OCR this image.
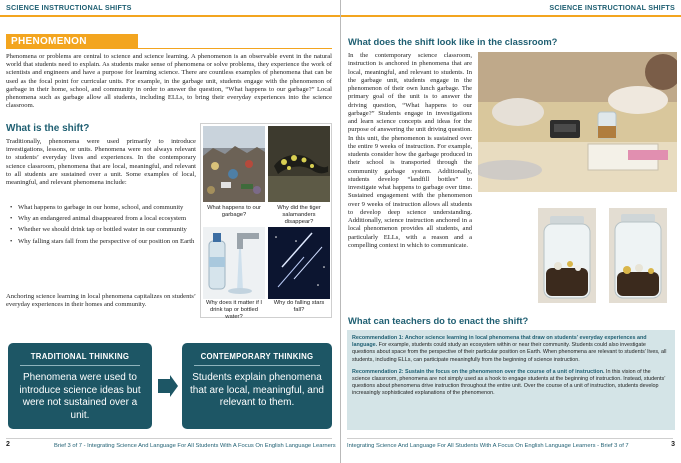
SCIENCE INSTRUCTIONAL SHIFTS
PHENOMENON
Phenomena or problems are central to science and science learning. A phenomenon is an observable event in the natural world that students need to explain. As students make sense of phenomena or solve problems, they experience the work of scientists and engineers and have a purpose for learning science. There are countless examples of phenomena that can be used as the focal point for curricular units. For example, in the garbage unit, students engage with the phenomenon of garbage in their home, school, and community in order to answer the question, “What happens to our garbage?” Local phenomena such as garbage allow all students, including ELLs, to bring their everyday experiences into the science classroom.
What is the shift?
Traditionally, phenomena were used primarily to introduce investigations, lessons, or units. Phenomena were not always relevant to students’ everyday lives and experiences. In the contemporary science classroom, phenomena that are local, meaningful, and relevant to all students are sustained over a unit. Some examples of local, meaningful, and relevant phenomena include:
• What happens to garbage in our home, school, and community
• Why an endangered animal disappeared from a local ecosystem
• Whether we should drink tap or bottled water in our community
• Why falling stars fall from the perspective of our position on Earth
Anchoring science learning in local phenomena capitalizes on students’ everyday experiences in their homes and community.
What happens to our garbage?
Why did the tiger salamanders disappear?
Why does it matter if I drink tap or bottled water?
Why do falling stars fall?
TRADITIONAL THINKING
Phenomena were used to introduce science ideas but were not sustained over a unit.
CONTEMPORARY THINKING
Students explain phenomena that are local, meaningful, and relevant to them.
2	Brief 3 of 7 - Integrating Science And Language For All Students With A Focus On English Language Learners
SCIENCE INSTRUCTIONAL SHIFTS
What does the shift look like in the classroom?
In the contemporary science classroom, instruction is anchored in phenomena that are local, meaningful, and relevant to students. In the garbage unit, students engage in the phenomenon of their own lunch garbage. The primary goal of the unit is to answer the driving question, “What happens to our garbage?” Students engage in investigations and learn science concepts and ideas for the purpose of answering the unit driving question. In this unit, the phenomenon is sustained over the entire 9 weeks of instruction. For example, students consider how the garbage produced in their school is transported through the community garbage system. Additionally, students develop “landfill bottles” to investigate what happens to garbage over time. Sustained engagement with the phenomenon over 9 weeks of instruction allows all students to develop deep science understanding. Additionally, science instruction anchored in a local phenomenon provides all students, and particularly ELLs, with a reason and a compelling context in which to communicate.
What can teachers do to enact the shift?

Recommendation 1: Anchor science learning in local phenomena that draw on students’ everyday experiences and language. For example, students could study an ecosystem within or near their community. Students could also investigate questions about space from the perspective of their particular position on Earth. When phenomena are relevant to students’ lives, all students, including ELLs, can participate meaningfully from the beginning of science instruction.

Recommendation 2: Sustain the focus on the phenomenon over the course of a unit of instruction. In this vision of the science classroom, phenomena are not simply used as a hook to engage students at the beginning of instruction. Instead, students’ questions about phenomena drive instruction throughout the entire unit. Over the course of a unit of instruction, students develop increasingly sophisticated explanations of the phenomenon.

Integrating Science And Language For All Students With A Focus On English Language Learners - Brief 3 of 7	3
